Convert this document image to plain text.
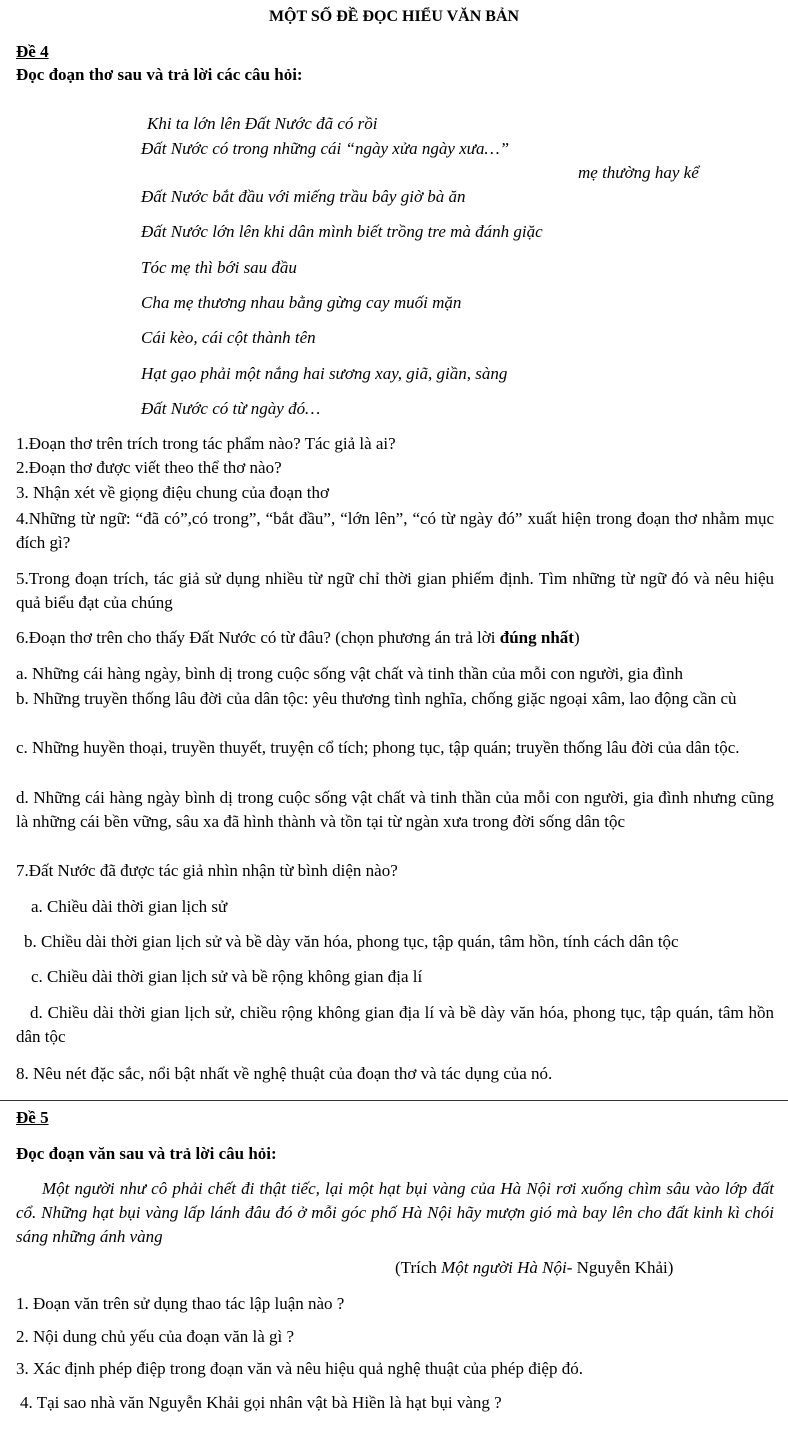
MỘT SỐ ĐỀ ĐỌC HIỂU VĂN BẢN
Đề 4
Đọc đoạn thơ sau và trả lời các câu hỏi:
Khi ta lớn lên Đất Nước đã có rồi
Đất Nước có trong những cái “ngày xửa ngày xưa…”
mẹ thường hay kể
Đất Nước bắt đầu với miếng trầu bây giờ bà ăn
Đất Nước lớn lên khi dân mình biết trồng tre mà đánh giặc
Tóc mẹ thì bới sau đầu
Cha mẹ thương nhau bằng gừng cay muối mặn
Cái kèo, cái cột thành tên
Hạt gạo phải một nắng hai sương xay, giã, giần, sàng
Đất Nước có từ ngày đó…
1.Đoạn thơ trên trích trong tác phẩm nào? Tác giả là ai?
2.Đoạn thơ được viết theo thể thơ nào?
3. Nhận xét về giọng điệu chung của đoạn thơ
4.Những từ ngữ: “đã có”,có trong”, “bắt đầu”, “lớn lên”, “có từ ngày đó” xuất hiện trong đoạn thơ nhằm mục đích gì?
5.Trong đoạn trích, tác giả sử dụng nhiều từ ngữ chỉ thời gian phiếm định. Tìm những từ ngữ đó và nêu hiệu quả biểu đạt của chúng
6.Đoạn thơ trên cho thấy Đất Nước có từ đâu? (chọn phương án trả lời đúng nhất)
a. Những cái hàng ngày, bình dị trong cuộc sống vật chất và tinh thần của mỗi con người, gia đình
b. Những truyền thống lâu đời của dân tộc: yêu thương tình nghĩa, chống giặc ngoại xâm, lao động cần cù
c. Những huyền thoại, truyền thuyết, truyện cổ tích; phong tục, tập quán; truyền thống lâu đời của dân tộc.
d. Những cái hàng ngày bình dị trong cuộc sống vật chất và tinh thần của mỗi con người, gia đình nhưng cũng là những cái bền vững, sâu xa đã hình thành và tồn tại từ ngàn xưa trong đời sống dân tộc
7.Đất Nước đã được tác giả nhìn nhận từ bình diện nào?
a. Chiều dài thời gian lịch sử
b. Chiều dài thời gian lịch sử và bề dày văn hóa, phong tục, tập quán, tâm hồn, tính cách dân tộc
c. Chiều dài thời gian lịch sử và bề rộng không gian địa lí
d. Chiều dài thời gian lịch sử, chiều rộng không gian địa lí và bề dày văn hóa, phong tục, tập quán, tâm hồn dân tộc
8. Nêu nét đặc sắc, nổi bật nhất về nghệ thuật của đoạn thơ và tác dụng của nó.
Đề 5
Đọc đoạn văn sau và trả lời câu hỏi:
Một người như cô phải chết đi thật tiếc, lại một hạt bụi vàng của Hà Nội rơi xuống chìm sâu vào lớp đất cổ. Những hạt bụi vàng lấp lánh đâu đó ở mỗi góc phố Hà Nội hãy mượn gió mà bay lên cho đất kinh kì chói sáng những ánh vàng
(Trích Một người Hà Nội- Nguyễn Khải)
1. Đoạn văn trên sử dụng thao tác lập luận nào ?
2. Nội dung chủ yếu của đoạn văn là gì ?
3. Xác định phép điệp trong đoạn văn và nêu hiệu quả nghệ thuật của phép điệp đó.
4. Tại sao nhà văn Nguyễn Khải gọi nhân vật bà Hiền là hạt bụi vàng ?
